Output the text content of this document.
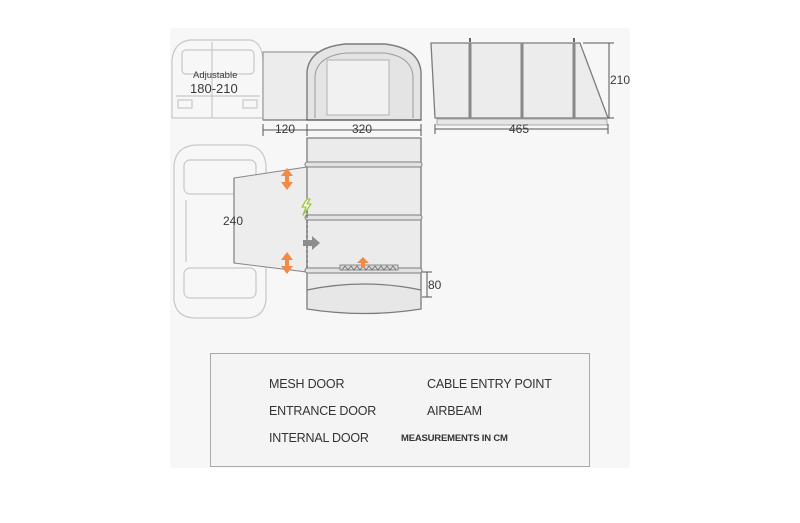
Adjustable
180-210
120	320	465
210
240
80
MESH DOOR
ENTRANCE DOOR
INTERNAL DOOR
CABLE ENTRY POINT
AIRBEAM
MEASUREMENTS IN CM
